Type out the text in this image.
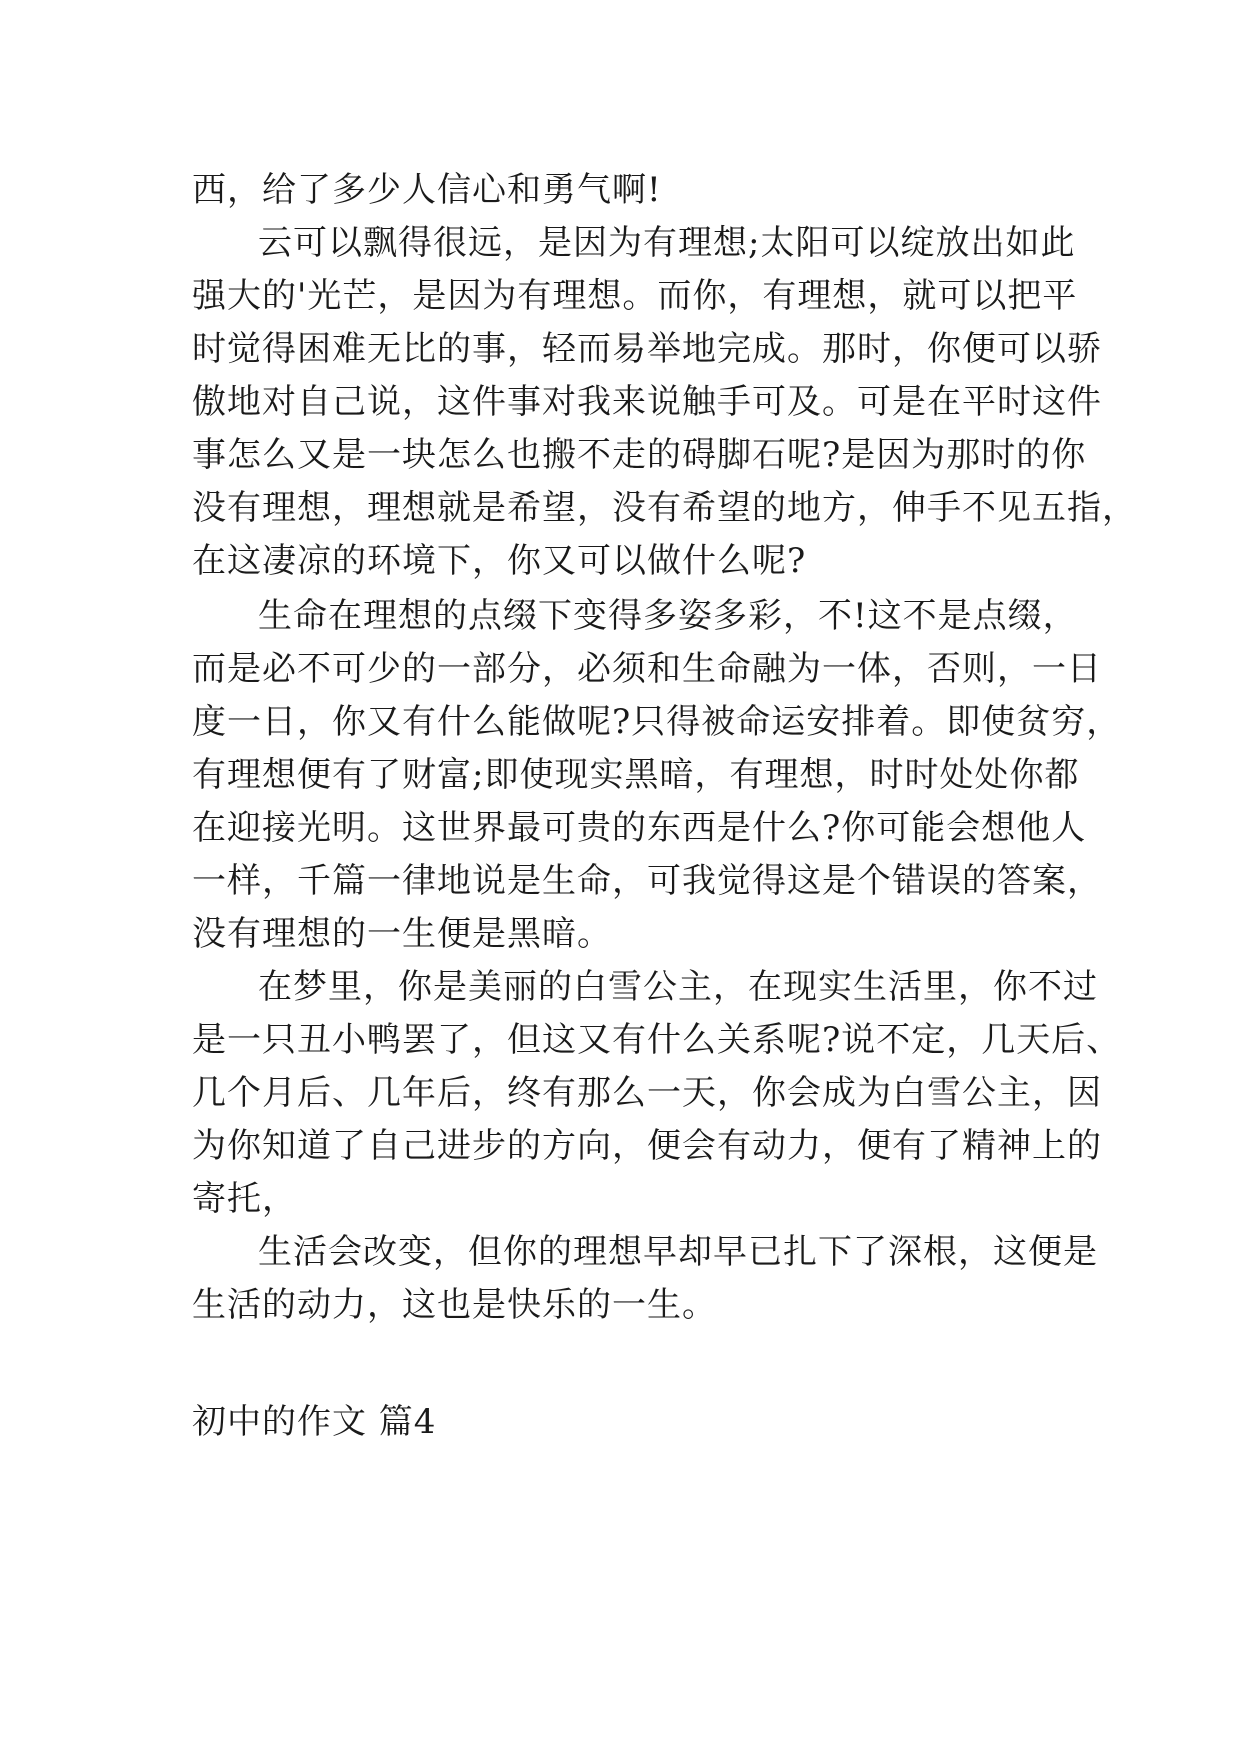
西，给了多少人信心和勇气啊!
云可以飘得很远，是因为有理想;太阳可以绽放出如此
强大的'光芒，是因为有理想。而你，有理想，就可以把平
时觉得困难无比的事，轻而易举地完成。那时，你便可以骄
傲地对自己说，这件事对我来说触手可及。可是在平时这件
事怎么又是一块怎么也搬不走的碍脚石呢?是因为那时的你
没有理想，理想就是希望，没有希望的地方，伸手不见五指，
在这凄凉的环境下，你又可以做什么呢?
生命在理想的点缀下变得多姿多彩，不!这不是点缀，
而是必不可少的一部分，必须和生命融为一体，否则，一日
度一日，你又有什么能做呢?只得被命运安排着。即使贫穷，
有理想便有了财富;即使现实黑暗，有理想，时时处处你都
在迎接光明。这世界最可贵的东西是什么?你可能会想他人
一样，千篇一律地说是生命，可我觉得这是个错误的答案，
没有理想的一生便是黑暗。
在梦里，你是美丽的白雪公主，在现实生活里，你不过
是一只丑小鸭罢了，但这又有什么关系呢?说不定，几天后、
几个月后、几年后，终有那么一天，你会成为白雪公主，因
为你知道了自己进步的方向，便会有动力，便有了精神上的
寄托，
生活会改变，但你的理想早却早已扎下了深根，这便是
生活的动力，这也是快乐的一生。
初中的作文 篇4
